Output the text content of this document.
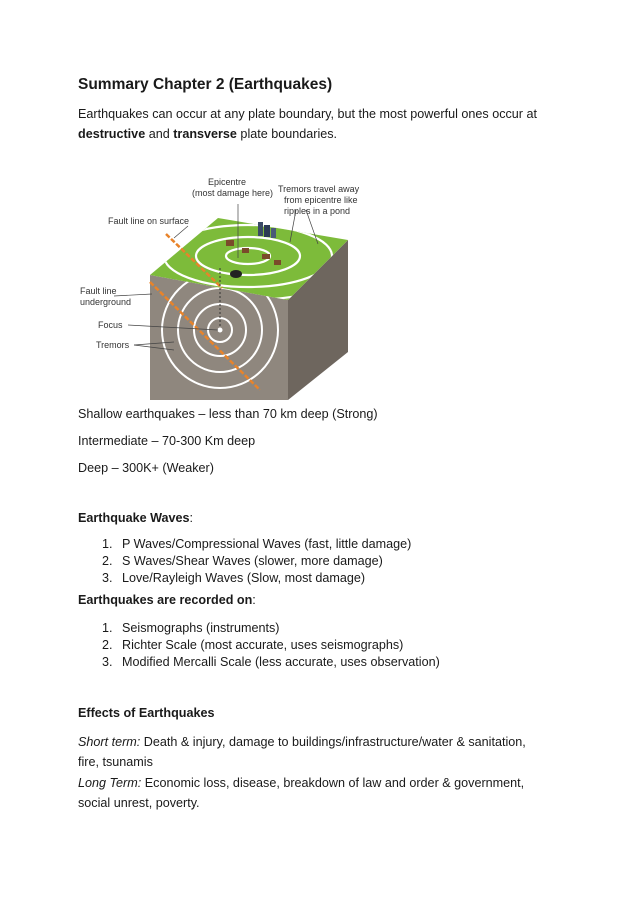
Summary Chapter 2 (Earthquakes)
Earthquakes can occur at any plate boundary, but the most powerful ones occur at destructive and transverse plate boundaries.
Epicentre
(most damage here) Tremors travel away
from epicentre like
ripples in a pond
Fault line on surface
Fault line
underground
Focus
Tremors
Shallow earthquakes – less than 70 km deep (Strong)
Intermediate – 70-300 Km deep
Deep – 300K+ (Weaker)
Earthquake Waves:
1. P Waves/Compressional Waves (fast, little damage)
2. S Waves/Shear Waves (slower, more damage)
3. Love/Rayleigh Waves (Slow, most damage)
Earthquakes are recorded on:
1. Seismographs (instruments)
2. Richter Scale (most accurate, uses seismographs)
3. Modified Mercalli Scale (less accurate, uses observation)
Effects of Earthquakes
Short term: Death & injury, damage to buildings/infrastructure/water & sanitation, fire, tsunamis
Long Term: Economic loss, disease, breakdown of law and order & government, social unrest, poverty.
